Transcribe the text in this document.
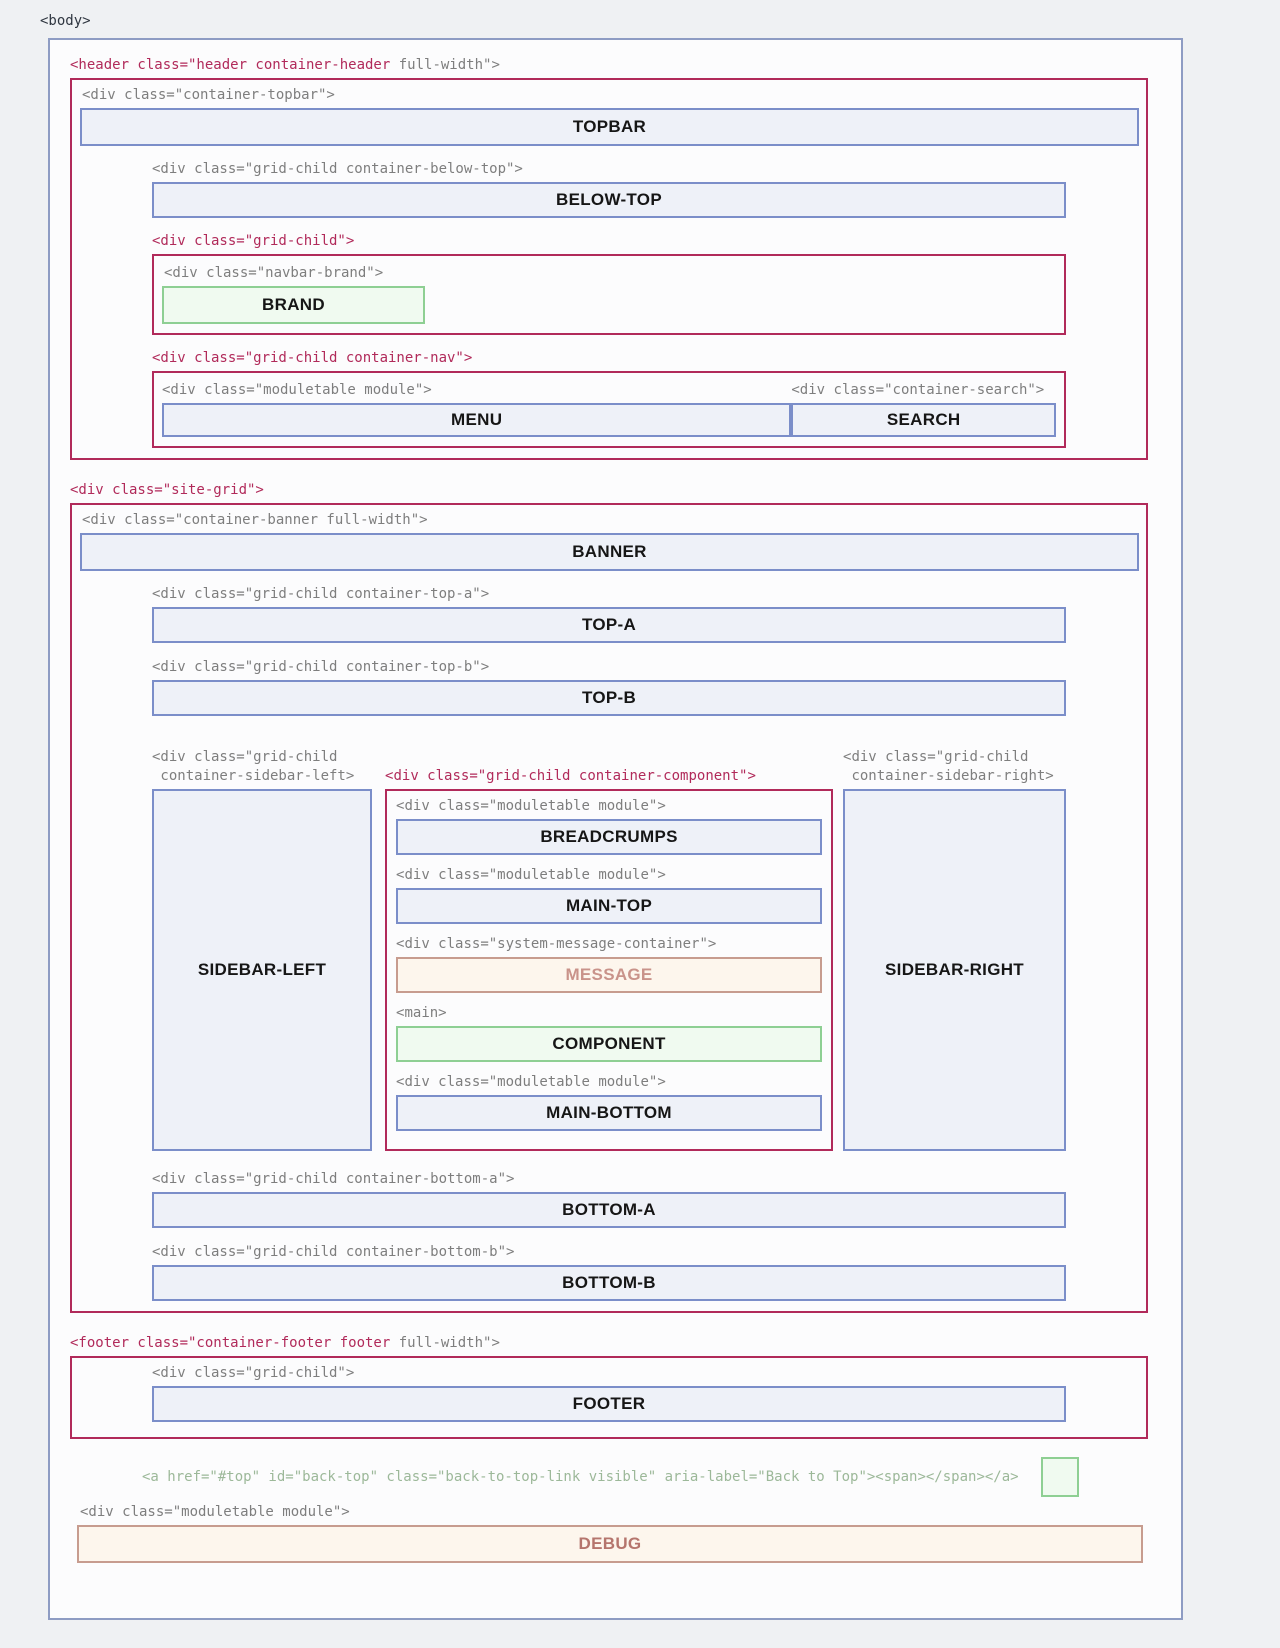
<body>
<header class="header container-header full-width">
<div class="container-topbar">
TOPBAR
<div class="grid-child container-below-top">
BELOW-TOP
<div class="grid-child">
<div class="navbar-brand">
BRAND
<div class="grid-child container-nav">
<div class="moduletable module">
MENU
<div class="container-search">
SEARCH
<div class="site-grid">
<div class="container-banner full-width">
BANNER
<div class="grid-child container-top-a">
TOP-A
<div class="grid-child container-top-b">
TOP-B
<div class="grid-child
container-sidebar-left>
SIDEBAR-LEFT
<div class="grid-child container-component">
<div class="moduletable module">
BREADCRUMPS
<div class="moduletable module">
MAIN-TOP
<div class="system-message-container">
MESSAGE
<main>
COMPONENT
<div class="moduletable module">
MAIN-BOTTOM
<div class="grid-child
container-sidebar-right>
SIDEBAR-RIGHT
<div class="grid-child container-bottom-a">
BOTTOM-A
<div class="grid-child container-bottom-b">
BOTTOM-B
<footer class="container-footer footer full-width">
<div class="grid-child">
FOOTER
<a href="#top" id="back-top" class="back-to-top-link visible" aria-label="Back to Top"><span></span></a>
<div class="moduletable module">
DEBUG
